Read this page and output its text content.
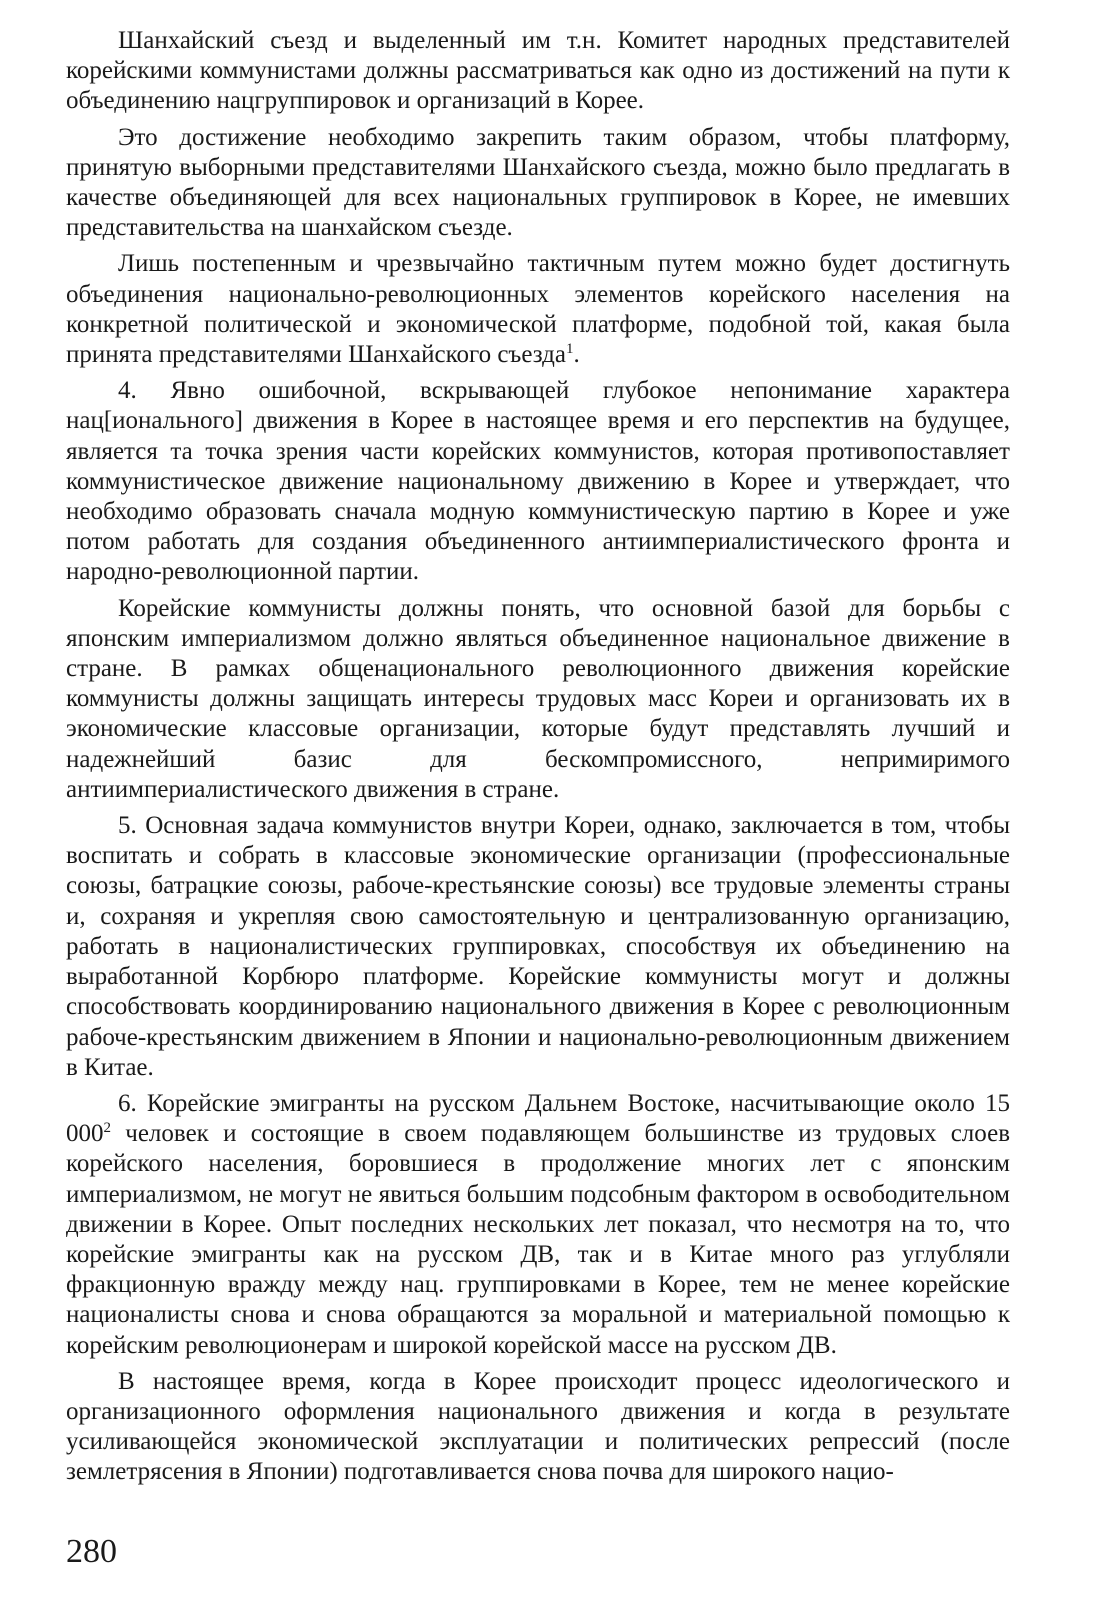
Шанхайский съезд и выделенный им т.н. Комитет народных представителей корейскими коммунистами должны рассматриваться как одно из достижений на пути к объединению нацгруппировок и организаций в Корее.

Это достижение необходимо закрепить таким образом, чтобы платформу, принятую выборными представителями Шанхайского съезда, можно было предлагать в качестве объединяющей для всех национальных группировок в Корее, не имевших представительства на шанхайском съезде.

Лишь постепенным и чрезвычайно тактичным путем можно будет достигнуть объединения национально-революционных элементов корейского населения на конкретной политической и экономической платформе, подобной той, какая была принята представителями Шанхайского съезда$^1$.

4. Явно ошибочной, вскрывающей глубокое непонимание характера нац[ионального] движения в Корее в настоящее время и его перспектив на будущее, является та точка зрения части корейских коммунистов, которая противопоставляет коммунистическое движение национальному движению в Корее и утверждает, что необходимо образовать сначала модную коммунистическую партию в Корее и уже потом работать для создания объединенного антиимпериалистического фронта и народно-революционной партии.

Корейские коммунисты должны понять, что основной базой для борьбы с японским империализмом должно являться объединенное национальное движение в стране. В рамках общенационального революционного движения корейские коммунисты должны защищать интересы трудовых масс Кореи и организовать их в экономические классовые организации, которые будут представлять лучший и надежнейший базис для бескомпромиссного, непримиримого антиимпериалистического движения в стране.

5. Основная задача коммунистов внутри Кореи, однако, заключается в том, чтобы воспитать и собрать в классовые экономические организации (профессиональные союзы, батрацкие союзы, рабоче-крестьянские союзы) все трудовые элементы страны и, сохраняя и укрепляя свою самостоятельную и централизованную организацию, работать в националистических группировках, способствуя их объединению на выработанной Корбюро платформе. Корейские коммунисты могут и должны способствовать координированию национального движения в Корее с революционным рабоче-крестьянским движением в Японии и национально-революционным движением в Китае.

6. Корейские эмигранты на русском Дальнем Востоке, насчитывающие около 15 $000^2$ человек и состоящие в своем подавляющем большинстве из трудовых слоев корейского населения, боровшиеся в продолжение многих лет с японским империализмом, не могут не явиться большим подсобным фактором в освободительном движении в Корее. Опыт последних нескольких лет показал, что несмотря на то, что корейские эмигранты как на русском ДВ, так и в Китае много раз углубляли фракционную вражду между нац. группировками в Корее, тем не менее корейские националисты снова и снова обращаются за моральной и материальной помощью к корейским революционерам и широкой корейской массе на русском ДВ.

В настоящее время, когда в Корее происходит процесс идеологического и организационного оформления национального движения и когда в результате усиливающейся экономической эксплуатации и политических репрессий (после землетрясения в Японии) подготавливается снова почва для широкого нацио-

280
